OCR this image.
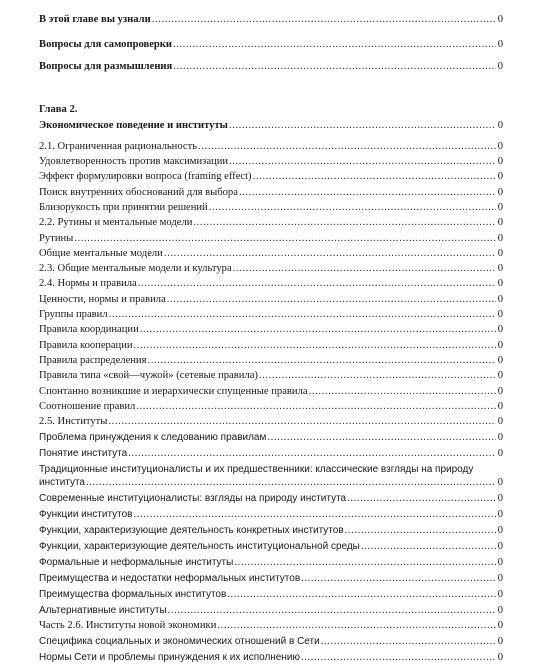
В этой главе вы узнали .....	0
Вопросы для самопроверки .....	0
Вопросы для размышления .....	0
Глава 2.
Экономическое поведение и институты .....	0
2.1. Ограниченная рациональность .....	0
Удовлетворенность против максимизации .....	0
Эффект формулировки вопроса (framing effect) .....	0
Поиск внутренних обоснований для выбора .....	0
Близорукость при принятии решений .....	0
2.2. Рутины и ментальные модели .....	0
Рутины .....	0
Общие ментальные модели .....	0
2.3. Общие ментальные модели и культура .....	0
2.4. Нормы и правила .....	0
Ценности, нормы и правила .....	0
Группы правил .....	0
Правила координации .....	0
Правила кооперации .....	0
Правила распределения .....	0
Правила типа «свой—чужой» (сетевые правила) .....	0
Спонтанно возникшие и иерархически спущенные правила .....	0
Соотношение правил .....	0
2.5. Институты .....	0
Проблема принуждения к следованию правилам .....	0
Понятие института .....	0
Традиционные институционалисты и их предшественники: классические взгляды на природу
института .....	0
Современные институционалисты: взгляды на природу института .....	0
Функции институтов .....	0
Функции, характеризующие деятельность конкретных институтов .....	0
Функции, характеризующие деятельность институциональной среды .....	0
Формальные и неформальные институты .....	0
Преимущества и недостатки неформальных институтов .....	0
Преимущества формальных институтов .....	0
Альтернативные институты .....	0
Часть 2.6. Институты новой экономики .....	0
Специфика социальных и экономических отношений в Сети .....	0
Нормы Сети и проблемы принуждения к их исполнению .....	0
